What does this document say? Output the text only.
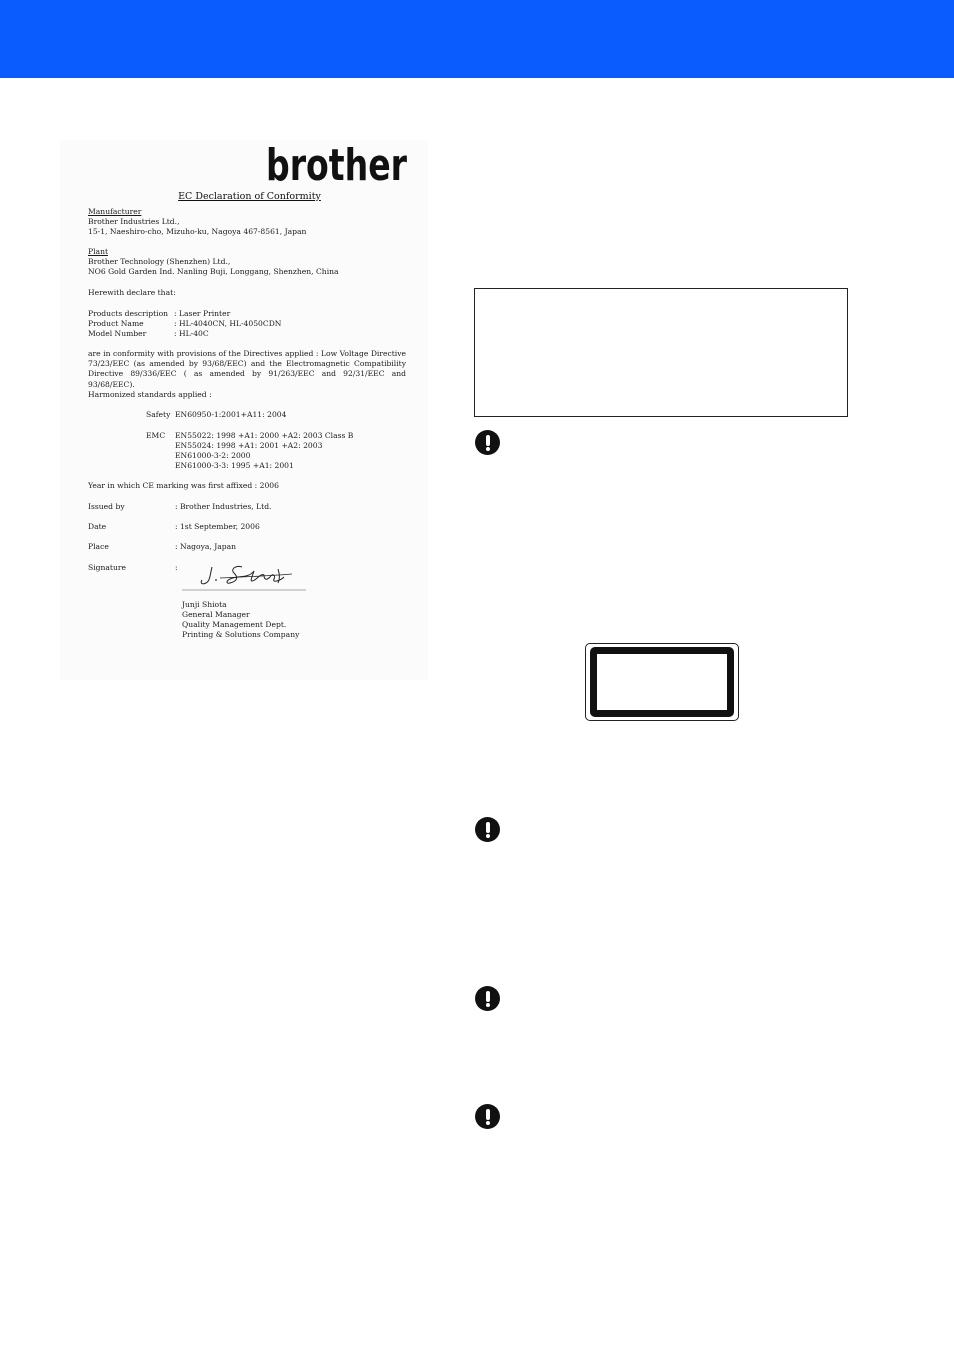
brother
EC Declaration of Conformity
Manufacturer
Brother Industries Ltd.,
15-1, Naeshiro-cho, Mizuho-ku, Nagoya 467-8561, Japan
Plant
Brother Technology (Shenzhen) Ltd.,
NO6 Gold Garden Ind. Nanling Buji, Longgang, Shenzhen, China
Herewith declare that:
Products description : Laser Printer
Product Name	: HL-4040CN, HL-4050CDN
Model Number	: HL-40C
are in conformity with provisions of the Directives applied : Low Voltage Directive 73/23/EEC (as amended by 93/68/EEC) and the Electromagnetic Compatibility Directive 89/336/EEC ( as amended by 91/263/EEC and 92/31/EEC and 93/68/EEC).
Harmonized standards applied :
Safety EN60950-1:2001+A11: 2004
EMC EN55022: 1998 +A1: 2000 +A2: 2003 Class B
EN55024: 1998 +A1: 2001 +A2: 2003
EN61000-3-2: 2000
EN61000-3-3: 1995 +A1: 2001
Year in which CE marking was first affixed : 2006
Issued by	: Brother Industries, Ltd.
Date	: 1st September, 2006
Place	: Nagoya, Japan
Signature	:
Junji Shiota
General Manager
Quality Management Dept.
Printing & Solutions Company
